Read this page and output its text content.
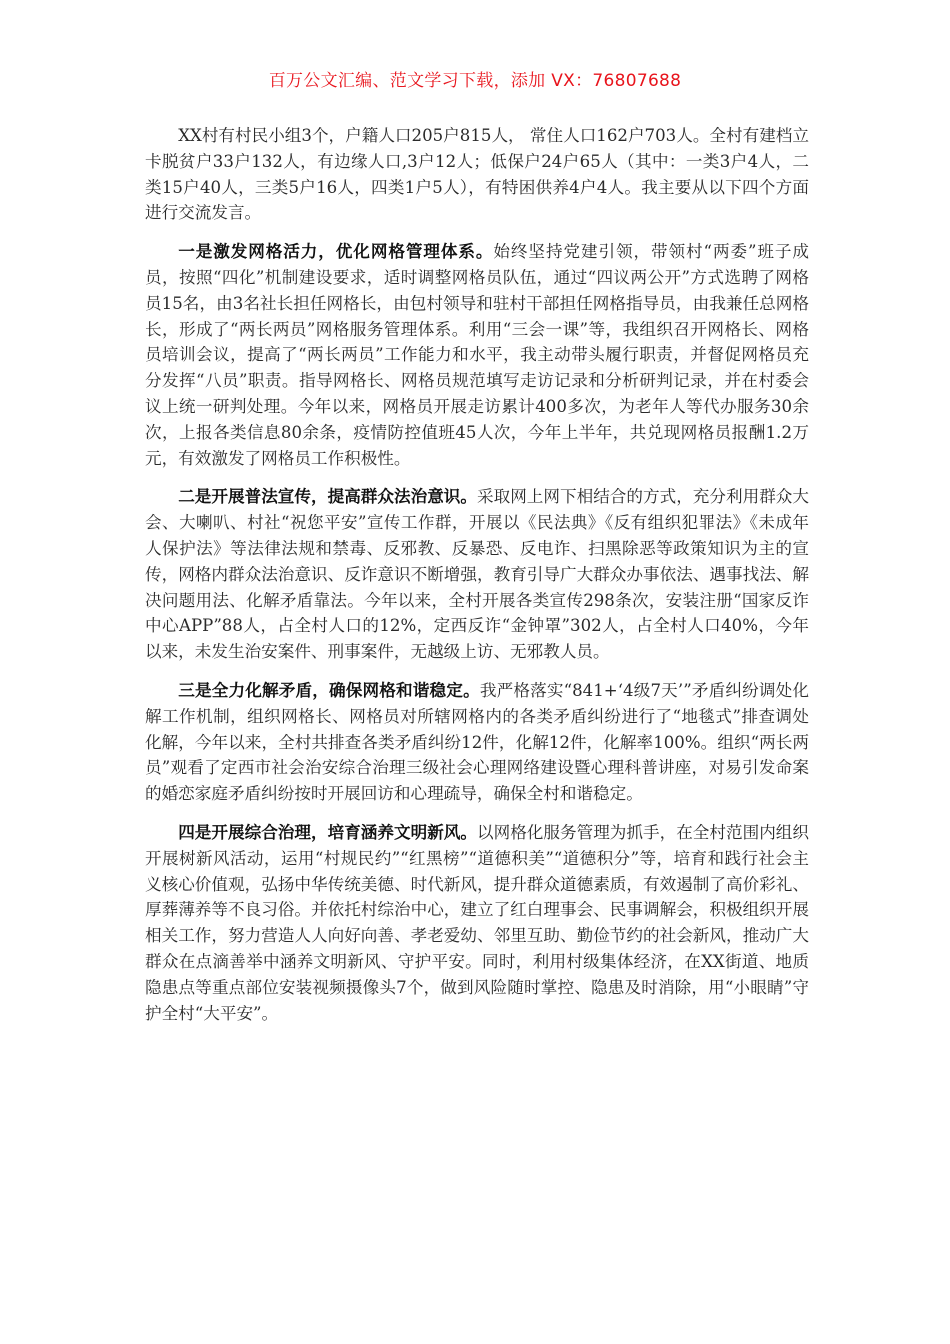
百万公文汇编、范文学习下载，添加 VX：76807688

XX村有村民小组3个，户籍人口205户815人， 常住人口162户703人。全村有建档立卡脱贫户33户132人，有边缘人口,3户12人；低保户24户65人（其中：一类3户4人，二类15户40人，三类5户16人，四类1户5人），有特困供养4户4人。我主要从以下四个方面进行交流发言。

一是激发网格活力，优化网格管理体系。始终坚持党建引领，带领村“两委”班子成员，按照“四化”机制建设要求，适时调整网格员队伍，通过“四议两公开”方式选聘了网格员15名，由3名社长担任网格长，由包村领导和驻村干部担任网格指导员，由我兼任总网格长，形成了“两长两员”网格服务管理体系。利用“三会一课”等，我组织召开网格长、网格员培训会议，提高了“两长两员”工作能力和水平，我主动带头履行职责，并督促网格员充分发挥“八员”职责。指导网格长、网格员规范填写走访记录和分析研判记录，并在村委会议上统一研判处理。今年以来，网格员开展走访累计400多次，为老年人等代办服务30余次，上报各类信息80余条，疫情防控值班45人次，今年上半年，共兑现网格员报酬1.2万元，有效激发了网格员工作积极性。

二是开展普法宣传，提高群众法治意识。采取网上网下相结合的方式，充分利用群众大会、大喇叭、村社“祝您平安”宣传工作群，开展以《民法典》《反有组织犯罪法》《未成年人保护法》等法律法规和禁毒、反邪教、反暴恐、反电诈、扫黑除恶等政策知识为主的宣传，网格内群众法治意识、反诈意识不断增强，教育引导广大群众办事依法、遇事找法、解决问题用法、化解矛盾靠法。今年以来，全村开展各类宣传298条次，安装注册“国家反诈中心APP”88人，占全村人口的12%，定西反诈“金钟罩”302人，占全村人口40%，今年以来，未发生治安案件、刑事案件，无越级上访、无邪教人员。

三是全力化解矛盾，确保网格和谐稳定。我严格落实“841+‘4级7天’”矛盾纠纷调处化解工作机制，组织网格长、网格员对所辖网格内的各类矛盾纠纷进行了“地毯式”排查调处化解，今年以来，全村共排查各类矛盾纠纷12件，化解12件，化解率100%。组织“两长两员”观看了定西市社会治安综合治理三级社会心理网络建设暨心理科普讲座，对易引发命案的婚恋家庭矛盾纠纷按时开展回访和心理疏导，确保全村和谐稳定。

四是开展综合治理，培育涵养文明新风。以网格化服务管理为抓手，在全村范围内组织开展树新风活动，运用“村规民约”“红黑榜”“道德积美”“道德积分”等，培育和践行社会主义核心价值观，弘扬中华传统美德、时代新风，提升群众道德素质，有效遏制了高价彩礼、厚葬薄养等不良习俗。并依托村综治中心，建立了红白理事会、民事调解会，积极组织开展相关工作，努力营造人人向好向善、孝老爱幼、邻里互助、勤俭节约的社会新风，推动广大群众在点滴善举中涵养文明新风、守护平安。同时，利用村级集体经济，在XX街道、地质隐患点等重点部位安装视频摄像头7个，做到风险随时掌控、隐患及时消除，用“小眼睛”守护全村“大平安”。
